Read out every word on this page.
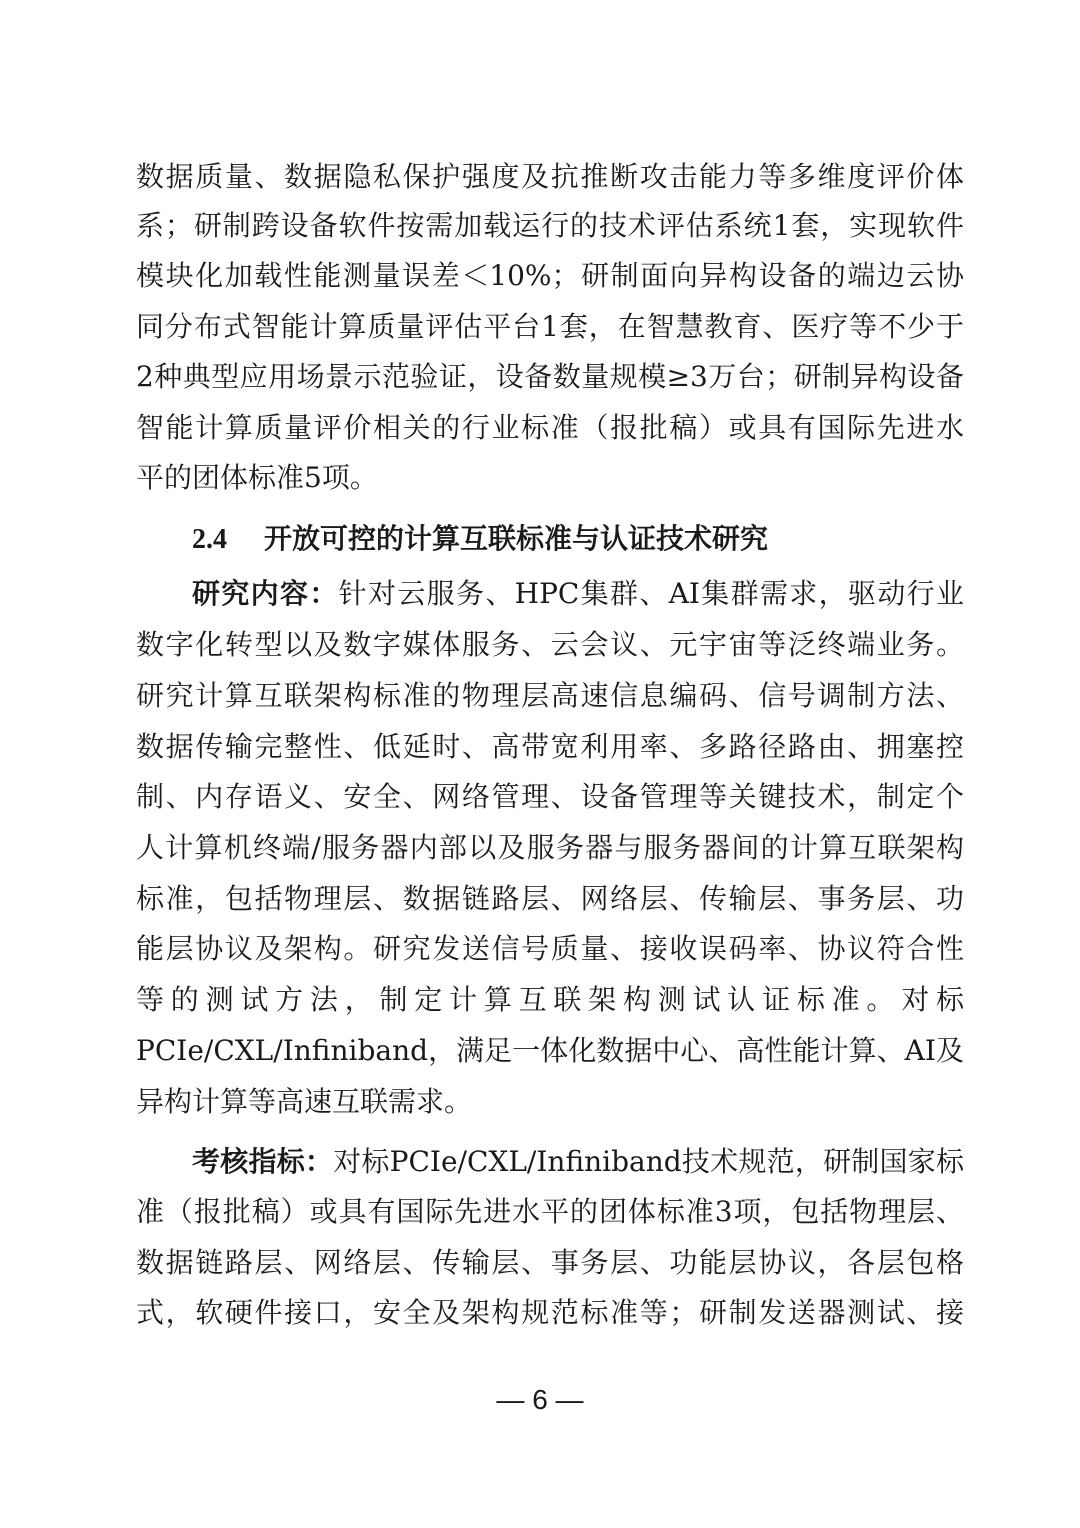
数据质量、数据隐私保护强度及抗推断攻击能力等多维度评价体
系；研制跨设备软件按需加载运行的技术评估系统1套，实现软件
模块化加载性能测量误差＜10%；研制面向异构设备的端边云协
同分布式智能计算质量评估平台1套，在智慧教育、医疗等不少于
2种典型应用场景示范验证，设备数量规模≥3万台；研制异构设备
智能计算质量评价相关的行业标准（报批稿）或具有国际先进水
平的团体标准5项。
2.4 开放可控的计算互联标准与认证技术研究
研究内容：针对云服务、HPC集群、AI集群需求，驱动行业
数字化转型以及数字媒体服务、云会议、元宇宙等泛终端业务。
研究计算互联架构标准的物理层高速信息编码、信号调制方法、
数据传输完整性、低延时、高带宽利用率、多路径路由、拥塞控
制、内存语义、安全、网络管理、设备管理等关键技术，制定个
人计算机终端/服务器内部以及服务器与服务器间的计算互联架构
标准，包括物理层、数据链路层、网络层、传输层、事务层、功
能层协议及架构。研究发送信号质量、接收误码率、协议符合性
等的测试方法，制定计算互联架构测试认证标准。对标
PCIe/CXL/Infiniband，满足一体化数据中心、高性能计算、AI及
异构计算等高速互联需求。
考核指标：对标PCIe/CXL/Infiniband技术规范，研制国家标
准（报批稿）或具有国际先进水平的团体标准3项，包括物理层、
数据链路层、网络层、传输层、事务层、功能层协议，各层包格
式，软硬件接口，安全及架构规范标准等；研制发送器测试、接
— 6 —
